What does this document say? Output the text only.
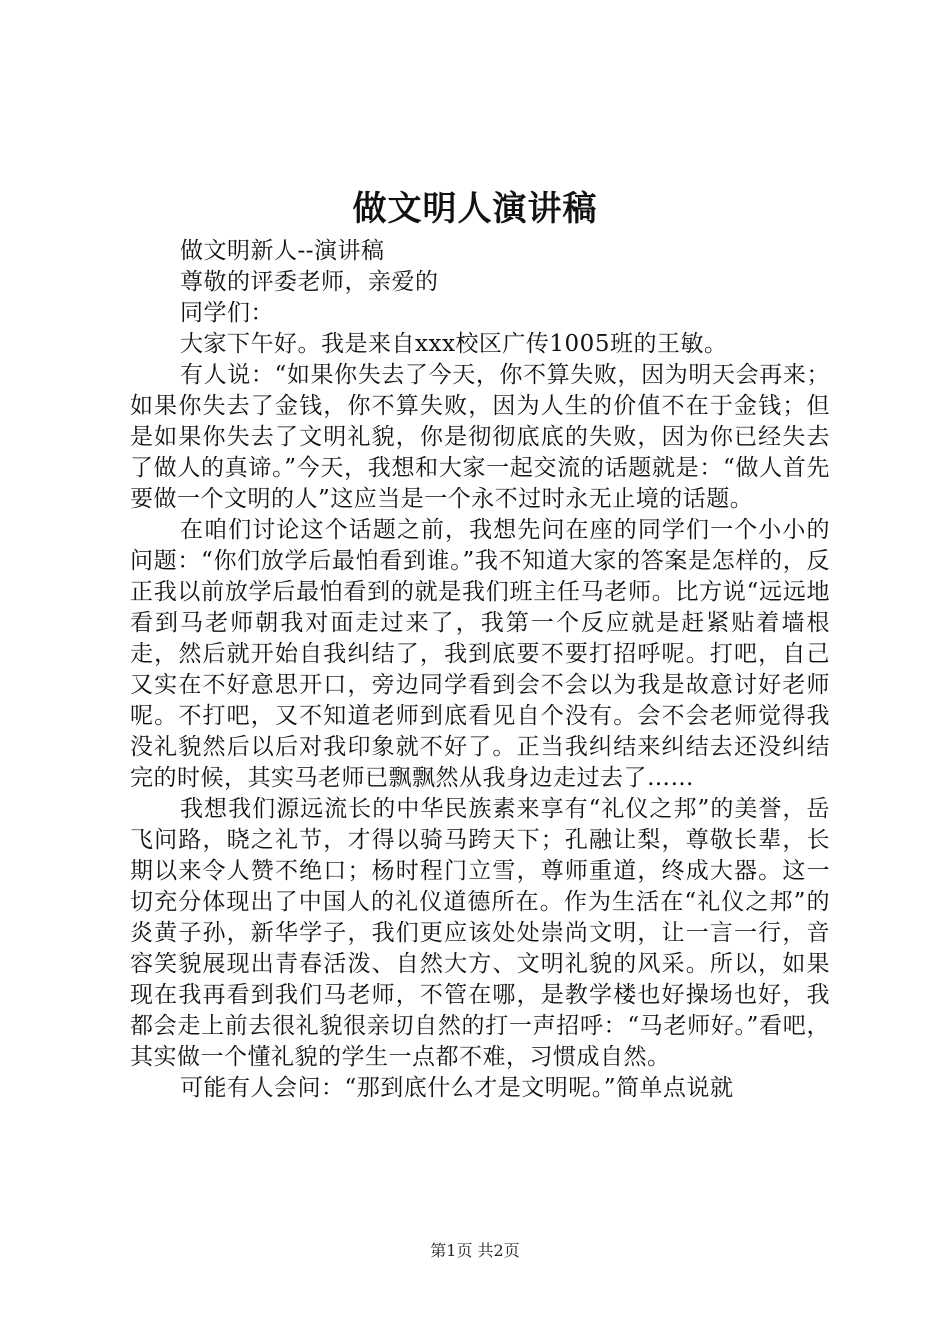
做文明人演讲稿

做文明新人--演讲稿

尊敬的评委老师，亲爱的

同学们：

大家下午好。我是来自xxx校区广传1005班的王敏。

有人说：“如果你失去了今天，你不算失败，因为明天会再来；如果你失去了金钱，你不算失败，因为人生的价值不在于金钱；但是如果你失去了文明礼貌，你是彻彻底底的失败，因为你已经失去了做人的真谛。”今天，我想和大家一起交流的话题就是：“做人首先要做一个文明的人”这应当是一个永不过时永无止境的话题。

在咱们讨论这个话题之前，我想先问在座的同学们一个小小的问题：“你们放学后最怕看到谁。”我不知道大家的答案是怎样的，反正我以前放学后最怕看到的就是我们班主任马老师。比方说“远远地看到马老师朝我对面走过来了，我第一个反应就是赶紧贴着墙根走，然后就开始自我纠结了，我到底要不要打招呼呢。打吧，自己又实在不好意思开口，旁边同学看到会不会以为我是故意讨好老师呢。不打吧，又不知道老师到底看见自个没有。会不会老师觉得我没礼貌然后以后对我印象就不好了。正当我纠结来纠结去还没纠结完的时候，其实马老师已飘飘然从我身边走过去了……

我想我们源远流长的中华民族素来享有“礼仪之邦”的美誉，岳飞问路，晓之礼节，才得以骑马跨天下；孔融让梨，尊敬长辈，长期以来令人赞不绝口；杨时程门立雪，尊师重道，终成大器。这一切充分体现出了中国人的礼仪道德所在。作为生活在“礼仪之邦”的炎黄子孙，新华学子，我们更应该处处崇尚文明，让一言一行，音容笑貌展现出青春活泼、自然大方、文明礼貌的风采。所以，如果现在我再看到我们马老师，不管在哪，是教学楼也好操场也好，我都会走上前去很礼貌很亲切自然的打一声招呼：“马老师好。”看吧，其实做一个懂礼貌的学生一点都不难，习惯成自然。

可能有人会问：“那到底什么才是文明呢。”简单点说就

第1页 共2页
